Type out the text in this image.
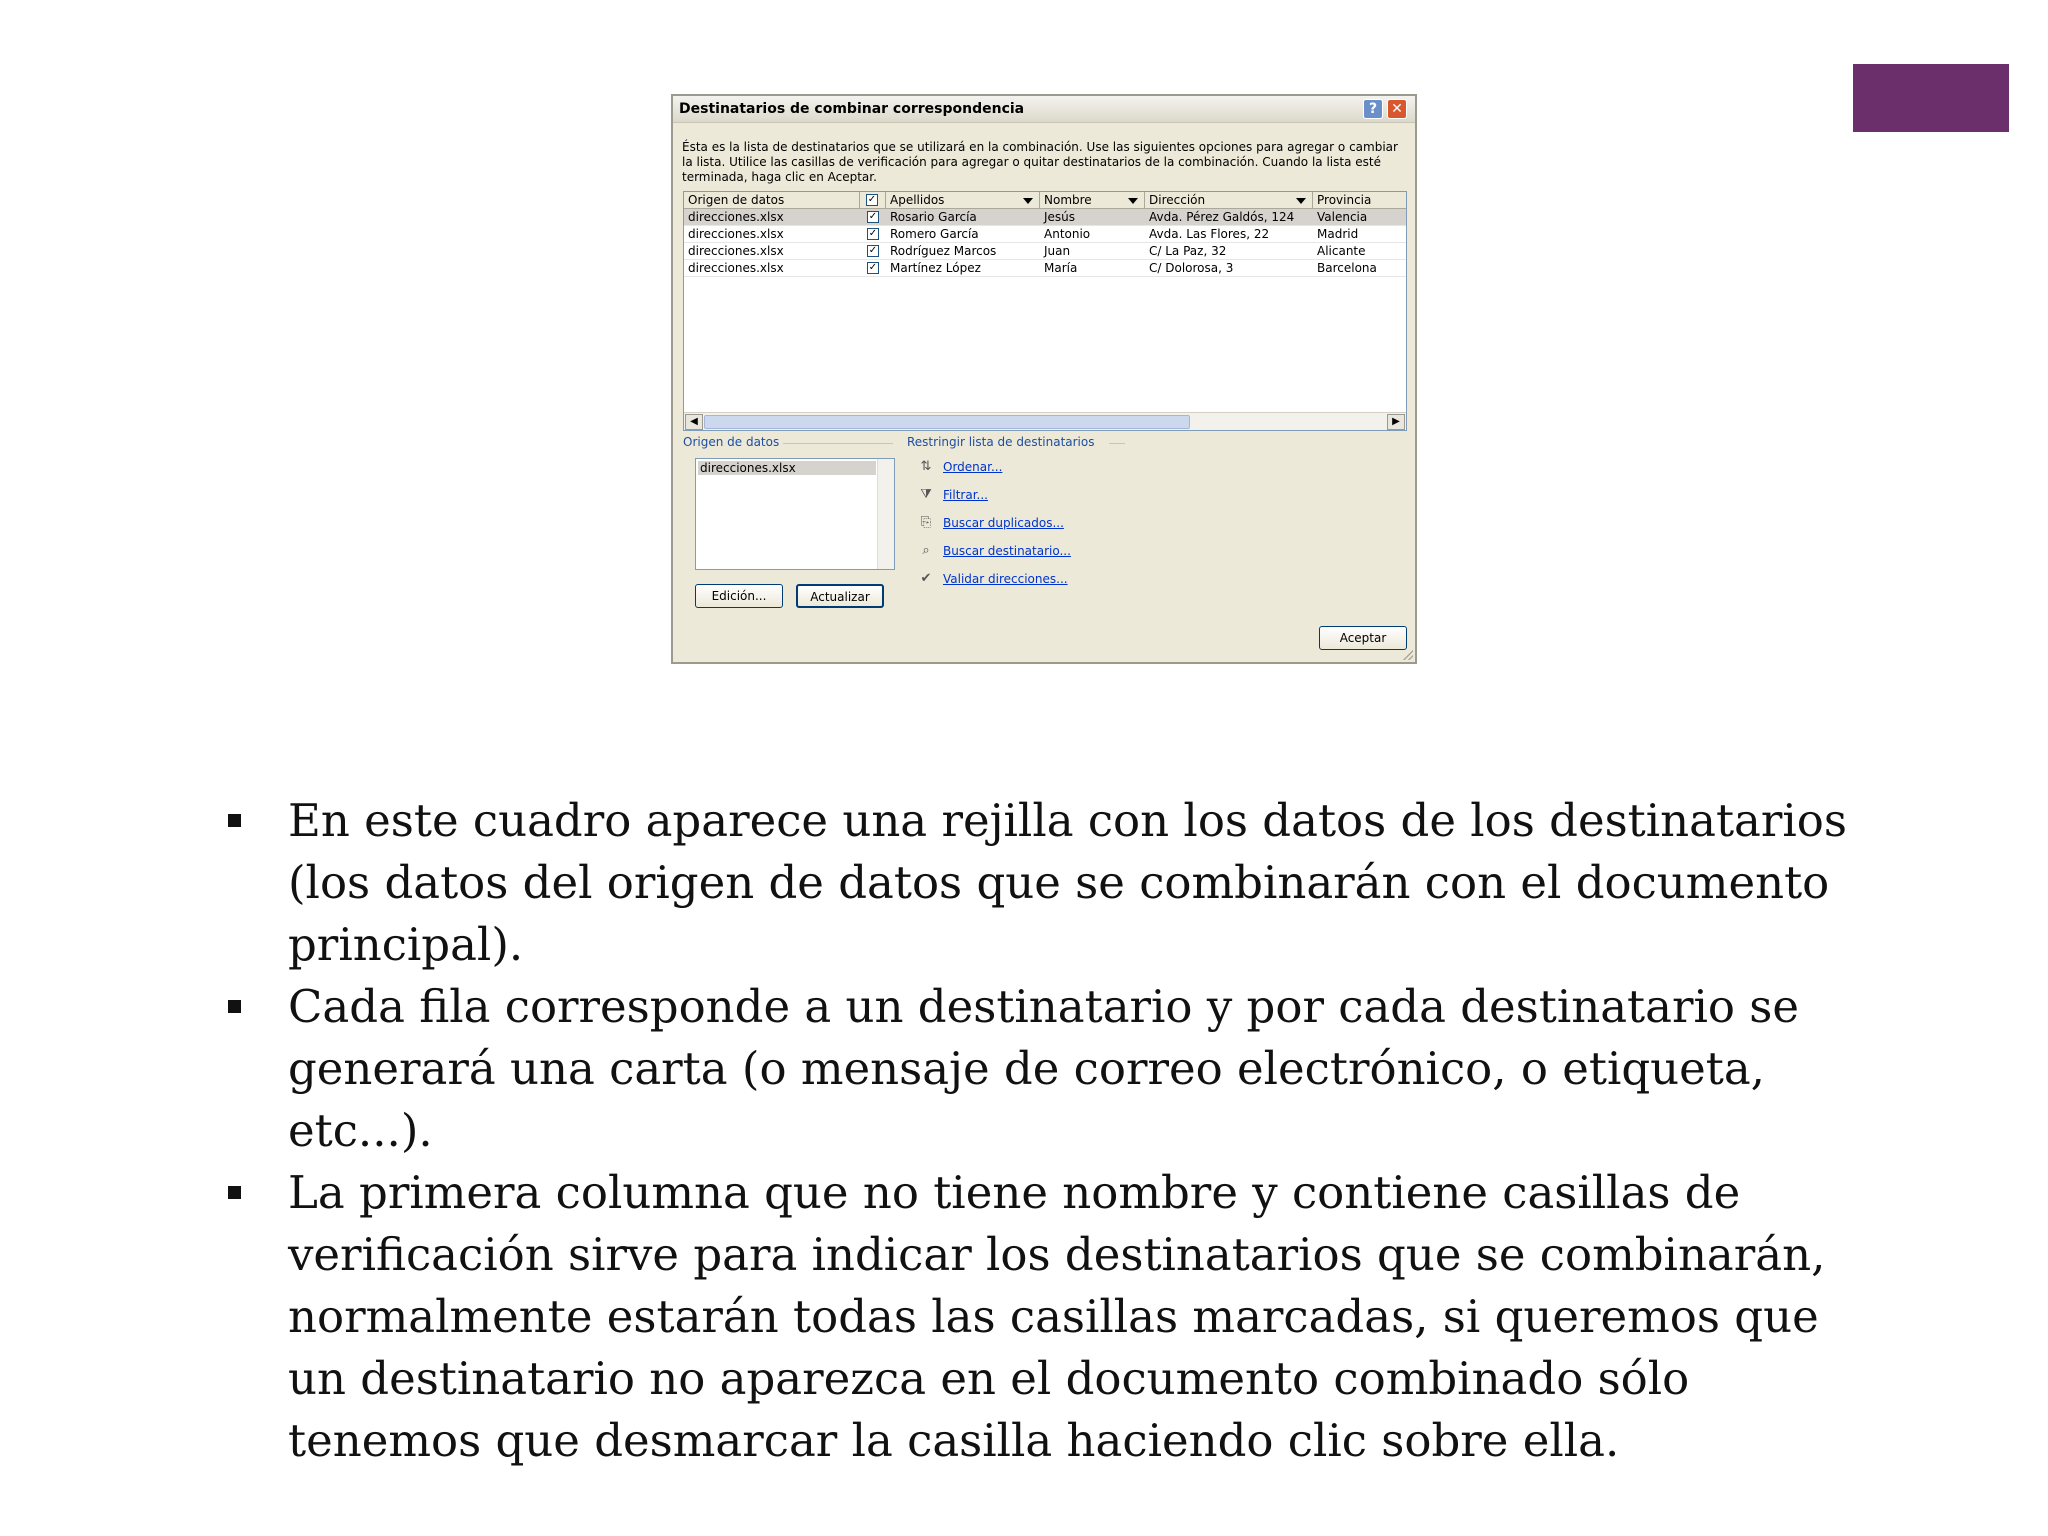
Destinatarios de combinar correspondencia	?	✕
Ésta es la lista de destinatarios que se utilizará en la combinación. Use las siguientes opciones para agregar o cambiar la lista. Utilice las casillas de verificación para agregar o quitar destinatarios de la combinación. Cuando la lista esté terminada, haga clic en Aceptar.
Origen de datos	✓	Apellidos	Nombre	Dirección	Provincia
direcciones.xlsx	✓	Rosario García	Jesús	Avda. Pérez Galdós, 124	Valencia
direcciones.xlsx	✓	Romero García	Antonio	Avda. Las Flores, 22	Madrid
direcciones.xlsx	✓	Rodríguez Marcos	Juan	C/ La Paz, 32	Alicante
direcciones.xlsx	✓	Martínez López	María	C/ Dolorosa, 3	Barcelona
◀	▶
Origen de datos
direcciones.xlsx
Edición...	Actualizar
Restringir lista de destinatarios
⇅ Ordenar...
⧩ Filtrar...
⎘ Buscar duplicados...
⌕	Buscar destinatario...
✔ Validar direcciones...
Aceptar
En este cuadro aparece una rejilla con los datos de los destinatarios (los datos del origen de datos que se combinarán con el documento principal).
Cada fila corresponde a un destinatario y por cada destinatario se generará una carta (o mensaje de correo electrónico, o etiqueta, etc...).
La primera columna que no tiene nombre y contiene casillas de verificación sirve para indicar los destinatarios que se combinarán, normalmente estarán todas las casillas marcadas, si queremos que un destinatario no aparezca en el documento combinado sólo tenemos que desmarcar la casilla haciendo clic sobre ella.
